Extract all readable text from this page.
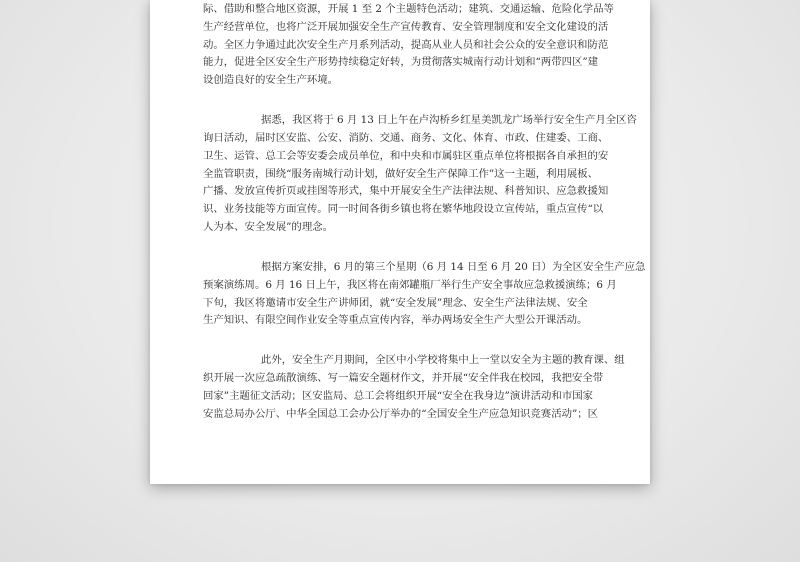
际、借助和整合地区资源，开展 1 至 2 个主题特色活动；建筑、交通运输、危险化学品等
生产经营单位，也将广泛开展加强安全生产宣传教育、安全管理制度和安全文化建设的活
动。全区力争通过此次安全生产月系列活动，提高从业人员和社会公众的安全意识和防范
能力，促进全区安全生产形势持续稳定好转，为贯彻落实城南行动计划和“两带四区”建
设创造良好的安全生产环境。
据悉，我区将于 6 月 13 日上午在卢沟桥乡红星美凯龙广场举行安全生产月全区咨
询日活动，届时区安监、公安、消防、交通、商务、文化、体育、市政、住建委、工商、
卫生、运管、总工会等安委会成员单位，和中央和市属驻区重点单位将根据各自承担的安
全监管职责，围绕“服务南城行动计划，做好安全生产保障工作”这一主题，利用展板、
广播、发放宣传折页或挂图等形式，集中开展安全生产法律法规、科普知识、应急救援知
识、业务技能等方面宣传。同一时间各街乡镇也将在繁华地段设立宣传站，重点宣传“以
人为本、安全发展”的理念。
根据方案安排，6 月的第三个星期（6 月 14 日至 6 月 20 日）为全区安全生产应急
预案演练周。6 月 16 日上午，我区将在南郊罐瓶厂举行生产安全事故应急救援演练；6 月
下旬，我区将邀请市安全生产讲师团，就“安全发展”理念、安全生产法律法规、安全
生产知识、有限空间作业安全等重点宣传内容，举办两场安全生产大型公开课活动。
此外，安全生产月期间，全区中小学校将集中上一堂以安全为主题的教育课、组
织开展一次应急疏散演练、写一篇安全题材作文，并开展“安全伴我在校园，我把安全带
回家”主题征文活动；区安监局、总工会将组织开展“安全在我身边”演讲活动和市国家
安监总局办公厅、中华全国总工会办公厅举办的“全国安全生产应急知识竞赛活动”；区
